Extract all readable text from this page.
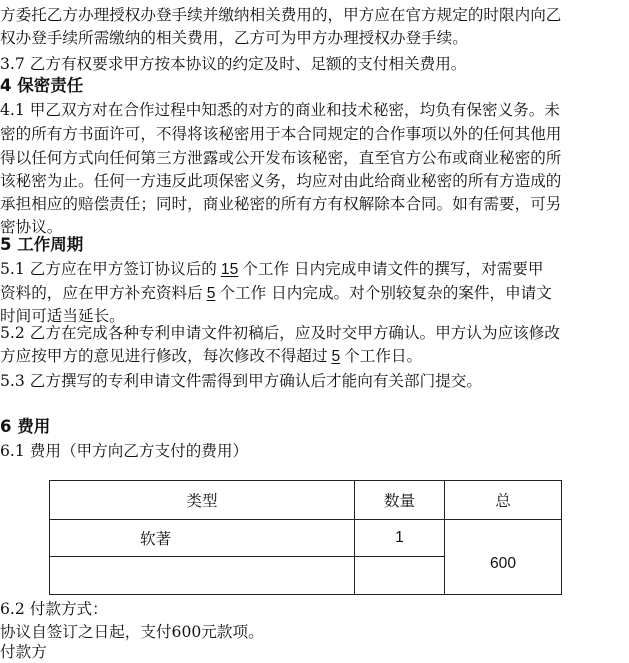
方委托乙方办理授权办登手续并缴纳相关费用的，甲方应在官方规定的时限内向乙
权办登手续所需缴纳的相关费用，乙方可为甲方办理授权办登手续。
3.7 乙方有权要求甲方按本协议的约定及时、足额的支付相关费用。
4 保密责任
4.1 甲乙双方对在合作过程中知悉的对方的商业和技术秘密，均负有保密义务。未
密的所有方书面许可，不得将该秘密用于本合同规定的合作事项以外的任何其他用
得以任何方式向任何第三方泄露或公开发布该秘密，直至官方公布或商业秘密的所
该秘密为止。任何一方违反此项保密义务，均应对由此给商业秘密的所有方造成的
承担相应的赔偿责任；同时，商业秘密的所有方有权解除本合同。如有需要，可另
密协议。
5 工作周期
5.1 乙方应在甲方签订协议后的 15 个工作 日内完成申请文件的撰写，对需要甲
资料的，应在甲方补充资料后 5 个工作 日内完成。对个别较复杂的案件，申请文
时间可适当延长。
5.2 乙方在完成各种专利申请文件初稿后，应及时交甲方确认。甲方认为应该修改
方应按甲方的意见进行修改，每次修改不得超过 5 个工作日。
5.3 乙方撰写的专利申请文件需得到甲方确认后才能向有关部门提交。
6 费用
6.1 费用（甲方向乙方支付的费用）
类型	数量	总
软著	1	600

6.2 付款方式：
协议自签订之日起，支付600元款项。
付款方
